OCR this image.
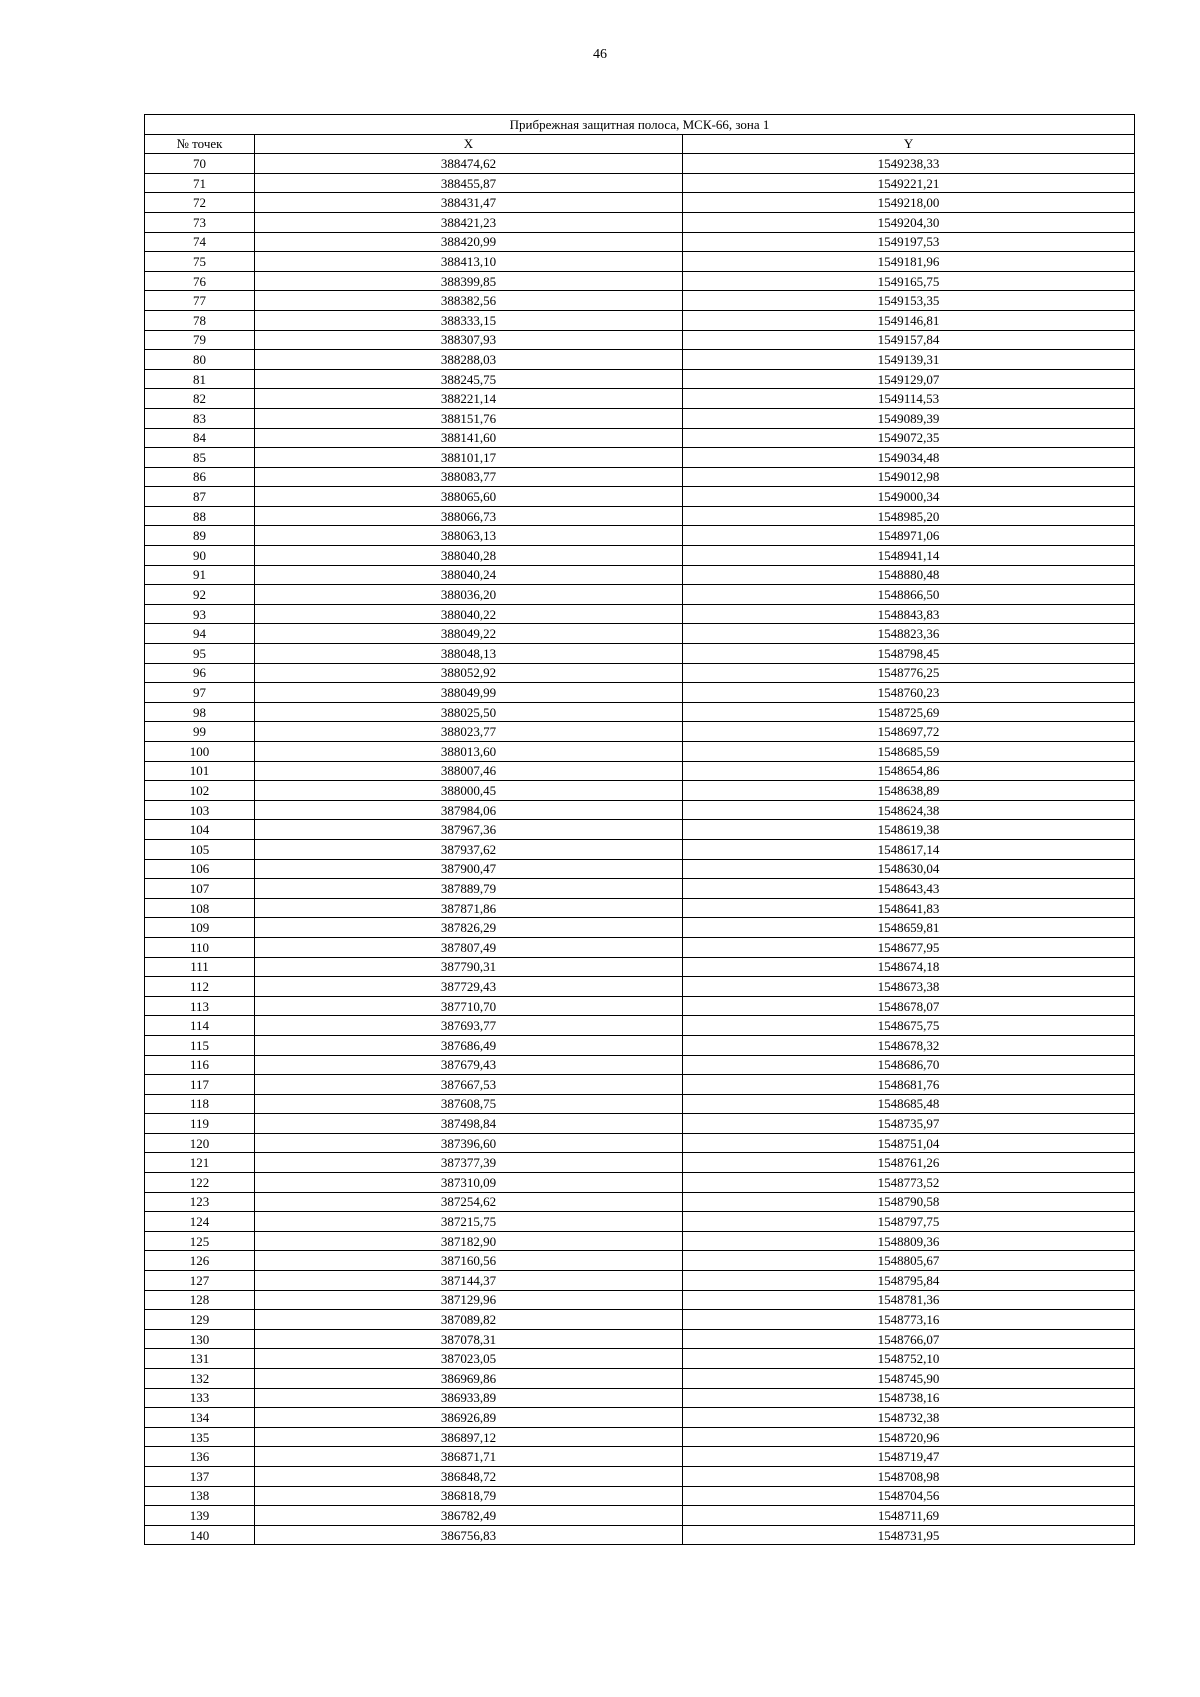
46
Прибрежная защитная полоса, МСК-66, зона 1		
№ точек	X	Y
70	388474,62	1549238,33
71	388455,87	1549221,21
72	388431,47	1549218,00
73	388421,23	1549204,30
74	388420,99	1549197,53
75	388413,10	1549181,96
76	388399,85	1549165,75
77	388382,56	1549153,35
78	388333,15	1549146,81
79	388307,93	1549157,84
80	388288,03	1549139,31
81	388245,75	1549129,07
82	388221,14	1549114,53
83	388151,76	1549089,39
84	388141,60	1549072,35
85	388101,17	1549034,48
86	388083,77	1549012,98
87	388065,60	1549000,34
88	388066,73	1548985,20
89	388063,13	1548971,06
90	388040,28	1548941,14
91	388040,24	1548880,48
92	388036,20	1548866,50
93	388040,22	1548843,83
94	388049,22	1548823,36
95	388048,13	1548798,45
96	388052,92	1548776,25
97	388049,99	1548760,23
98	388025,50	1548725,69
99	388023,77	1548697,72
100	388013,60	1548685,59
101	388007,46	1548654,86
102	388000,45	1548638,89
103	387984,06	1548624,38
104	387967,36	1548619,38
105	387937,62	1548617,14
106	387900,47	1548630,04
107	387889,79	1548643,43
108	387871,86	1548641,83
109	387826,29	1548659,81
110	387807,49	1548677,95
111	387790,31	1548674,18
112	387729,43	1548673,38
113	387710,70	1548678,07
114	387693,77	1548675,75
115	387686,49	1548678,32
116	387679,43	1548686,70
117	387667,53	1548681,76
118	387608,75	1548685,48
119	387498,84	1548735,97
120	387396,60	1548751,04
121	387377,39	1548761,26
122	387310,09	1548773,52
123	387254,62	1548790,58
124	387215,75	1548797,75
125	387182,90	1548809,36
126	387160,56	1548805,67
127	387144,37	1548795,84
128	387129,96	1548781,36
129	387089,82	1548773,16
130	387078,31	1548766,07
131	387023,05	1548752,10
132	386969,86	1548745,90
133	386933,89	1548738,16
134	386926,89	1548732,38
135	386897,12	1548720,96
136	386871,71	1548719,47
137	386848,72	1548708,98
138	386818,79	1548704,56
139	386782,49	1548711,69
140	386756,83	1548731,95
